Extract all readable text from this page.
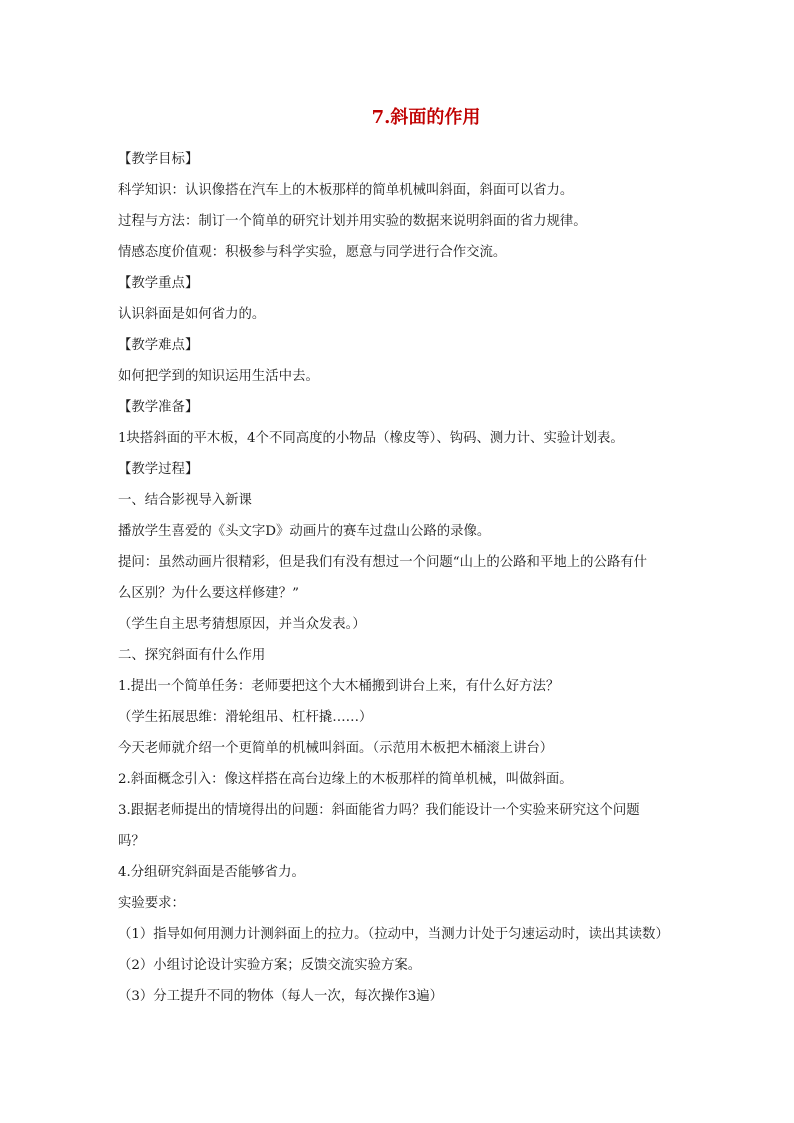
7.斜面的作用

【教学目标】

科学知识：认识像搭在汽车上的木板那样的简单机械叫斜面，斜面可以省力。

过程与方法：制订一个简单的研究计划并用实验的数据来说明斜面的省力规律。

情感态度价值观：积极参与科学实验，愿意与同学进行合作交流。

【教学重点】

认识斜面是如何省力的。

【教学难点】

如何把学到的知识运用生活中去。

【教学准备】

1块搭斜面的平木板，4个不同高度的小物品（橡皮等）、钩码、测力计、实验计划表。

【教学过程】

一、结合影视导入新课

播放学生喜爱的《头文字D》动画片的赛车过盘山公路的录像。

提问：虽然动画片很精彩，但是我们有没有想过一个问题“山上的公路和平地上的公路有什

么区别？为什么要这样修建？”

（学生自主思考猜想原因，并当众发表。）

二、探究斜面有什么作用

1.提出一个简单任务：老师要把这个大木桶搬到讲台上来，有什么好方法？

（学生拓展思维：滑轮组吊、杠杆撬……）

今天老师就介绍一个更简单的机械叫斜面。（示范用木板把木桶滚上讲台）

2.斜面概念引入：像这样搭在高台边缘上的木板那样的简单机械，叫做斜面。

3.跟据老师提出的情境得出的问题：斜面能省力吗？我们能设计一个实验来研究这个问题

吗？

4.分组研究斜面是否能够省力。

实验要求：

（1）指导如何用测力计测斜面上的拉力。（拉动中，当测力计处于匀速运动时，读出其读数）

（2）小组讨论设计实验方案；反馈交流实验方案。

（3）分工提升不同的物体（每人一次，每次操作3遍）
